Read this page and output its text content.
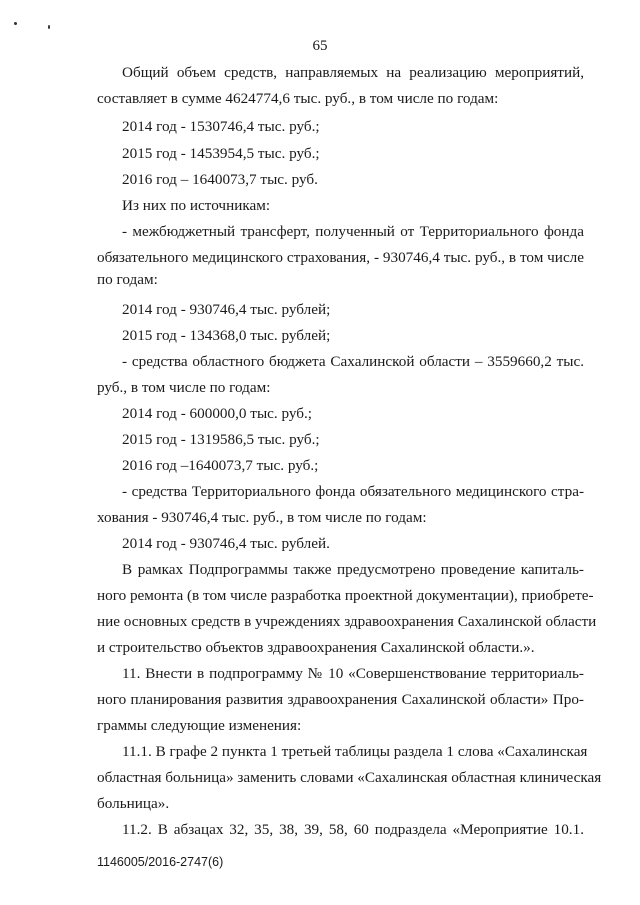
65
Общий объем средств, направляемых на реализацию мероприятий,
составляет в сумме 4624774,6 тыс. руб., в том числе по годам:
2014 год - 1530746,4 тыс. руб.;
2015 год - 1453954,5 тыс. руб.;
2016 год – 1640073,7 тыс. руб.
Из них по источникам:
- межбюджетный трансферт, полученный от Территориального фонда
обязательного медицинского страхования, - 930746,4 тыс. руб., в том числе
по годам:
2014 год - 930746,4 тыс. рублей;
2015 год - 134368,0 тыс. рублей;
- средства областного бюджета Сахалинской области – 3559660,2 тыс.
руб., в том числе по годам:
2014 год - 600000,0 тыс. руб.;
2015 год - 1319586,5 тыс. руб.;
2016 год –1640073,7 тыс. руб.;
- средства Территориального фонда обязательного медицинского стра-
хования - 930746,4 тыс. руб., в том числе по годам:
2014 год - 930746,4 тыс. рублей.
В рамках Подпрограммы также предусмотрено проведение капиталь-
ного ремонта (в том числе разработка проектной документации), приобрете-
ние основных средств в учреждениях здравоохранения Сахалинской области
и строительство объектов здравоохранения Сахалинской области.».
11. Внести в подпрограмму № 10 «Совершенствование территориаль-
ного планирования развития здравоохранения Сахалинской области» Про-
граммы следующие изменения:
11.1. В графе 2 пункта 1 третьей таблицы раздела 1 слова «Сахалинская
областная больница» заменить словами «Сахалинская областная клиническая
больница».
11.2. В абзацах 32, 35, 38, 39, 58, 60 подраздела «Мероприятие 10.1.
1146005/2016-2747(6)
